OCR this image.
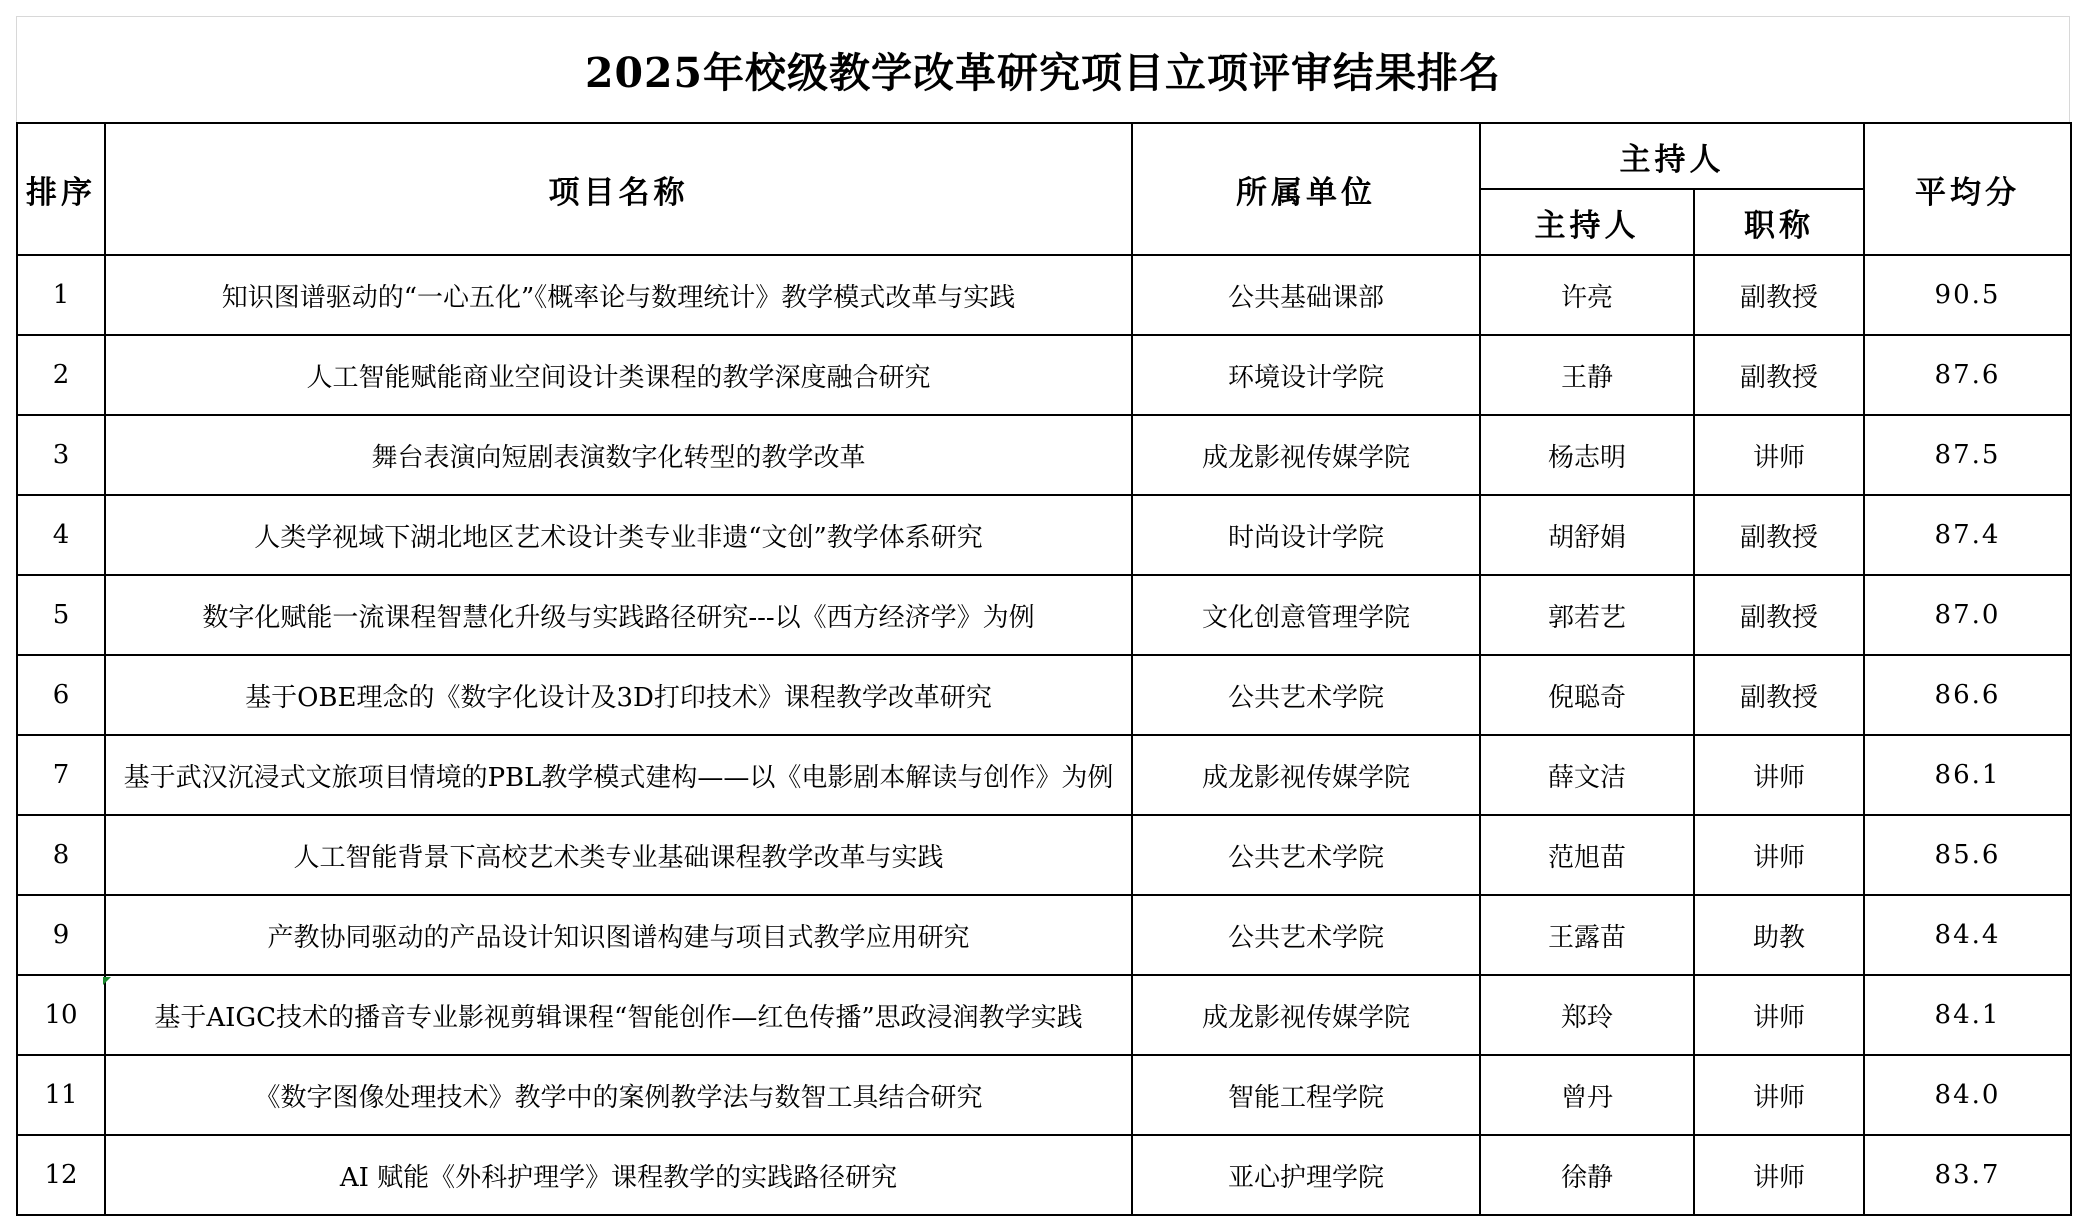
2025年校级教学改革研究项目立项评审结果排名
排序	项目名称	所属单位	主持人		平均分
			主持人	职称	
1	知识图谱驱动的“一心五化”《概率论与数理统计》教学模式改革与实践	公共基础课部	许亮	副教授	90.5
2	人工智能赋能商业空间设计类课程的教学深度融合研究	环境设计学院	王静	副教授	87.6
3	舞台表演向短剧表演数字化转型的教学改革	成龙影视传媒学院	杨志明	讲师	87.5
4	人类学视域下湖北地区艺术设计类专业非遗“文创”教学体系研究	时尚设计学院	胡舒娟	副教授	87.4
5	数字化赋能一流课程智慧化升级与实践路径研究---以《西方经济学》为例	文化创意管理学院	郭若艺	副教授	87.0
6	基于OBE理念的《数字化设计及3D打印技术》课程教学改革研究	公共艺术学院	倪聪奇	副教授	86.6
7	基于武汉沉浸式文旅项目情境的PBL教学模式建构——以《电影剧本解读与创作》为例	成龙影视传媒学院	薛文洁	讲师	86.1
8	人工智能背景下高校艺术类专业基础课程教学改革与实践	公共艺术学院	范旭苗	讲师	85.6
9	产教协同驱动的产品设计知识图谱构建与项目式教学应用研究	公共艺术学院	王露苗	助教	84.4
10	基于AIGC技术的播音专业影视剪辑课程“智能创作—红色传播”思政浸润教学实践	成龙影视传媒学院	郑玲	讲师	84.1
11	《数字图像处理技术》教学中的案例教学法与数智工具结合研究	智能工程学院	曾丹	讲师	84.0
12	AI 赋能《外科护理学》课程教学的实践路径研究	亚心护理学院	徐静	讲师	83.7
